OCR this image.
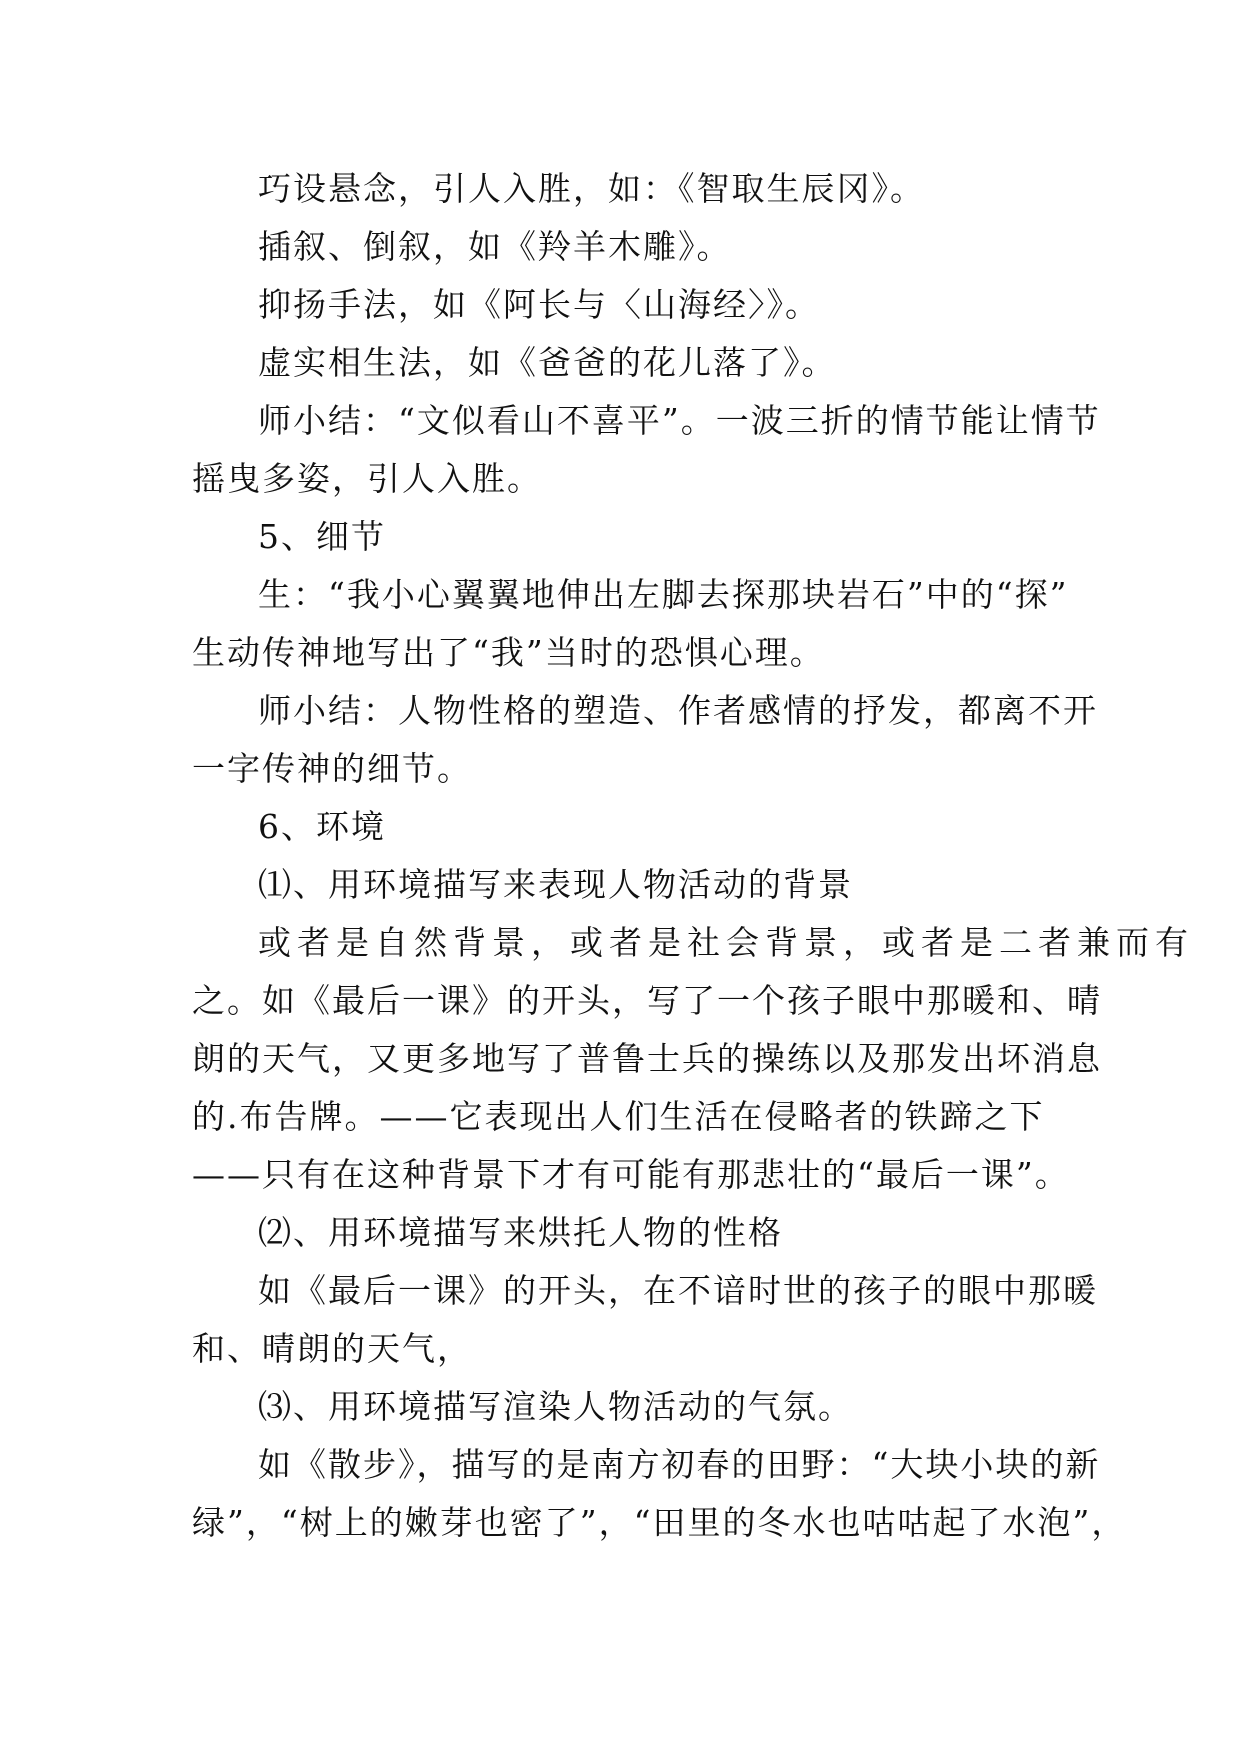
巧设悬念，引人入胜，如：《智取生辰冈》。
插叙、倒叙，如《羚羊木雕》。
抑扬手法，如《阿长与〈山海经〉》。
虚实相生法，如《爸爸的花儿落了》。
师小结：“文似看山不喜平”。一波三折的情节能让情节
摇曳多姿，引人入胜。
5、细节
生：“我小心翼翼地伸出左脚去探那块岩石”中的“探”
生动传神地写出了“我”当时的恐惧心理。
师小结：人物性格的塑造、作者感情的抒发，都离不开
一字传神的细节。
6、环境
⑴、用环境描写来表现人物活动的背景
或者是自然背景，或者是社会背景，或者是二者兼而有
之。如《最后一课》的开头，写了一个孩子眼中那暖和、晴
朗的天气，又更多地写了普鲁士兵的操练以及那发出坏消息
的.布告牌。——它表现出人们生活在侵略者的铁蹄之下
——只有在这种背景下才有可能有那悲壮的“最后一课”。
⑵、用环境描写来烘托人物的性格
如《最后一课》的开头，在不谙时世的孩子的眼中那暖
和、晴朗的天气，
⑶、用环境描写渲染人物活动的气氛。
如《散步》，描写的是南方初春的田野：“大块小块的新
绿”，“树上的嫩芽也密了”，“田里的冬水也咕咕起了水泡”，
